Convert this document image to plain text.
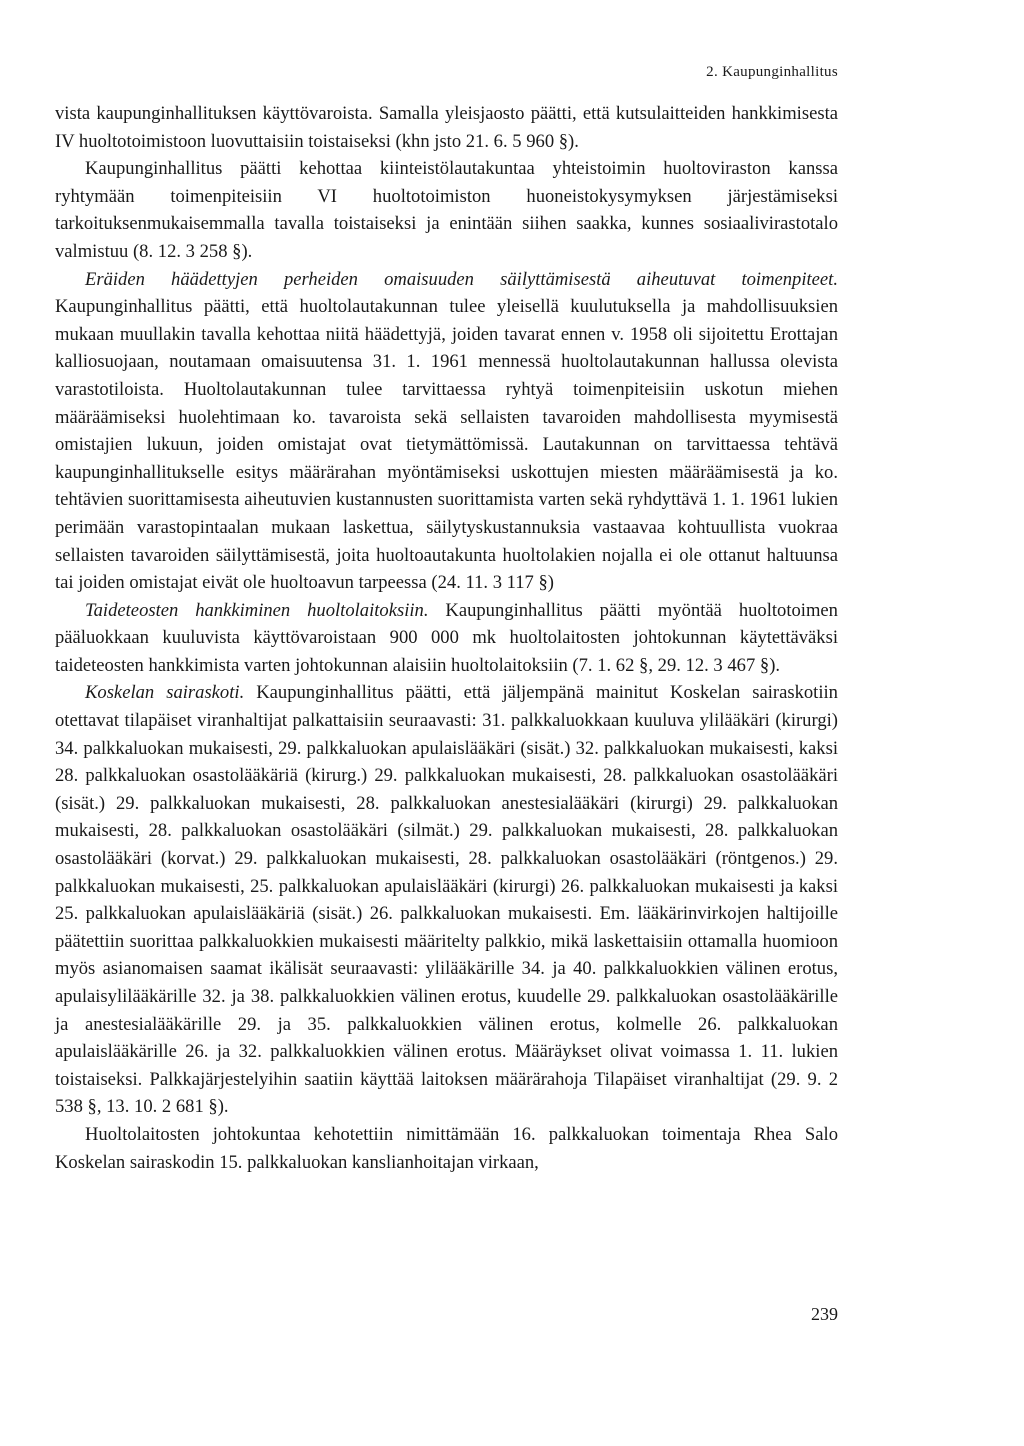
2. Kaupunginhallitus

vista kaupunginhallituksen käyttövaroista. Samalla yleisjaosto päätti, että kutsulaitteiden hankkimisesta IV huoltotoimistoon luovuttaisiin toistaiseksi (khn jsto 21. 6. 5 960 §).

Kaupunginhallitus päätti kehottaa kiinteistölautakuntaa yhteistoimin huoltoviraston kanssa ryhtymään toimenpiteisiin VI huoltotoimiston huoneistokysymyksen järjestämiseksi tarkoituksenmukaisemmalla tavalla toistaiseksi ja enintään siihen saakka, kunnes sosiaalivirastotalo valmistuu (8. 12. 3 258 §).

Eräiden häädettyjen perheiden omaisuuden säilyttämisestä aiheutuvat toimenpiteet. Kaupunginhallitus päätti, että huoltolautakunnan tulee yleisellä kuulutuksella ja mahdollisuuksien mukaan muullakin tavalla kehottaa niitä häädettyjä, joiden tavarat ennen v. 1958 oli sijoitettu Erottajan kalliosuojaan, noutamaan omaisuutensa 31. 1. 1961 mennessä huoltolautakunnan hallussa olevista varastotiloista. Huoltolautakunnan tulee tarvittaessa ryhtyä toimenpiteisiin uskotun miehen määräämiseksi huolehtimaan ko. tavaroista sekä sellaisten tavaroiden mahdollisesta myymisestä omistajien lukuun, joiden omistajat ovat tietymättömissä. Lautakunnan on tarvittaessa tehtävä kaupunginhallitukselle esitys määrärahan myöntämiseksi uskottujen miesten määräämisestä ja ko. tehtävien suorittamisesta aiheutuvien kustannusten suorittamista varten sekä ryhdyttävä 1. 1. 1961 lukien perimään varastopintaalan mukaan laskettua, säilytyskustannuksia vastaavaa kohtuullista vuokraa sellaisten tavaroiden säilyttämisestä, joita huoltoautakunta huoltolakien nojalla ei ole ottanut haltuunsa tai joiden omistajat eivät ole huoltoavun tarpeessa (24. 11. 3 117 §)

Taideteosten hankkiminen huoltolaitoksiin. Kaupunginhallitus päätti myöntää huoltotoimen pääluokkaan kuuluvista käyttövaroistaan 900 000 mk huoltolaitosten johtokunnan käytettäväksi taideteosten hankkimista varten johtokunnan alaisiin huoltolaitoksiin (7. 1. 62 §, 29. 12. 3 467 §).

Koskelan sairaskoti. Kaupunginhallitus päätti, että jäljempänä mainitut Koskelan sairaskotiin otettavat tilapäiset viranhaltijat palkattaisiin seuraavasti: 31. palkkaluokkaan kuuluva ylilääkäri (kirurgi) 34. palkkaluokan mukaisesti, 29. palkkaluokan apulaislääkäri (sisät.) 32. palkkaluokan mukaisesti, kaksi 28. palkkaluokan osastolääkäriä (kirurg.) 29. palkkaluokan mukaisesti, 28. palkkaluokan osastolääkäri (sisät.) 29. palkkaluokan mukaisesti, 28. palkkaluokan anestesialääkäri (kirurgi) 29. palkkaluokan mukaisesti, 28. palkkaluokan osastolääkäri (silmät.) 29. palkkaluokan mukaisesti, 28. palkkaluokan osastolääkäri (korvat.) 29. palkkaluokan mukaisesti, 28. palkkaluokan osastolääkäri (röntgenos.) 29. palkkaluokan mukaisesti, 25. palkkaluokan apulaislääkäri (kirurgi) 26. palkkaluokan mukaisesti ja kaksi 25. palkkaluokan apulaislääkäriä (sisät.) 26. palkkaluokan mukaisesti. Em. lääkärinvirkojen haltijoille päätettiin suorittaa palkkaluokkien mukaisesti määritelty palkkio, mikä laskettaisiin ottamalla huomioon myös asianomaisen saamat ikälisät seuraavasti: ylilääkärille 34. ja 40. palkkaluokkien välinen erotus, apulaisylilääkärille 32. ja 38. palkkaluokkien välinen erotus, kuudelle 29. palkkaluokan osastolääkärille ja anestesialääkärille 29. ja 35. palkkaluokkien välinen erotus, kolmelle 26. palkkaluokan apulaislääkärille 26. ja 32. palkkaluokkien välinen erotus. Määräykset olivat voimassa 1. 11. lukien toistaiseksi. Palkkajärjestelyihin saatiin käyttää laitoksen määrärahoja Tilapäiset viranhaltijat (29. 9. 2 538 §, 13. 10. 2 681 §).

Huoltolaitosten johtokuntaa kehotettiin nimittämään 16. palkkaluokan toimentaja Rhea Salo Koskelan sairaskodin 15. palkkaluokan kanslianhoitajan virkaan,

239
